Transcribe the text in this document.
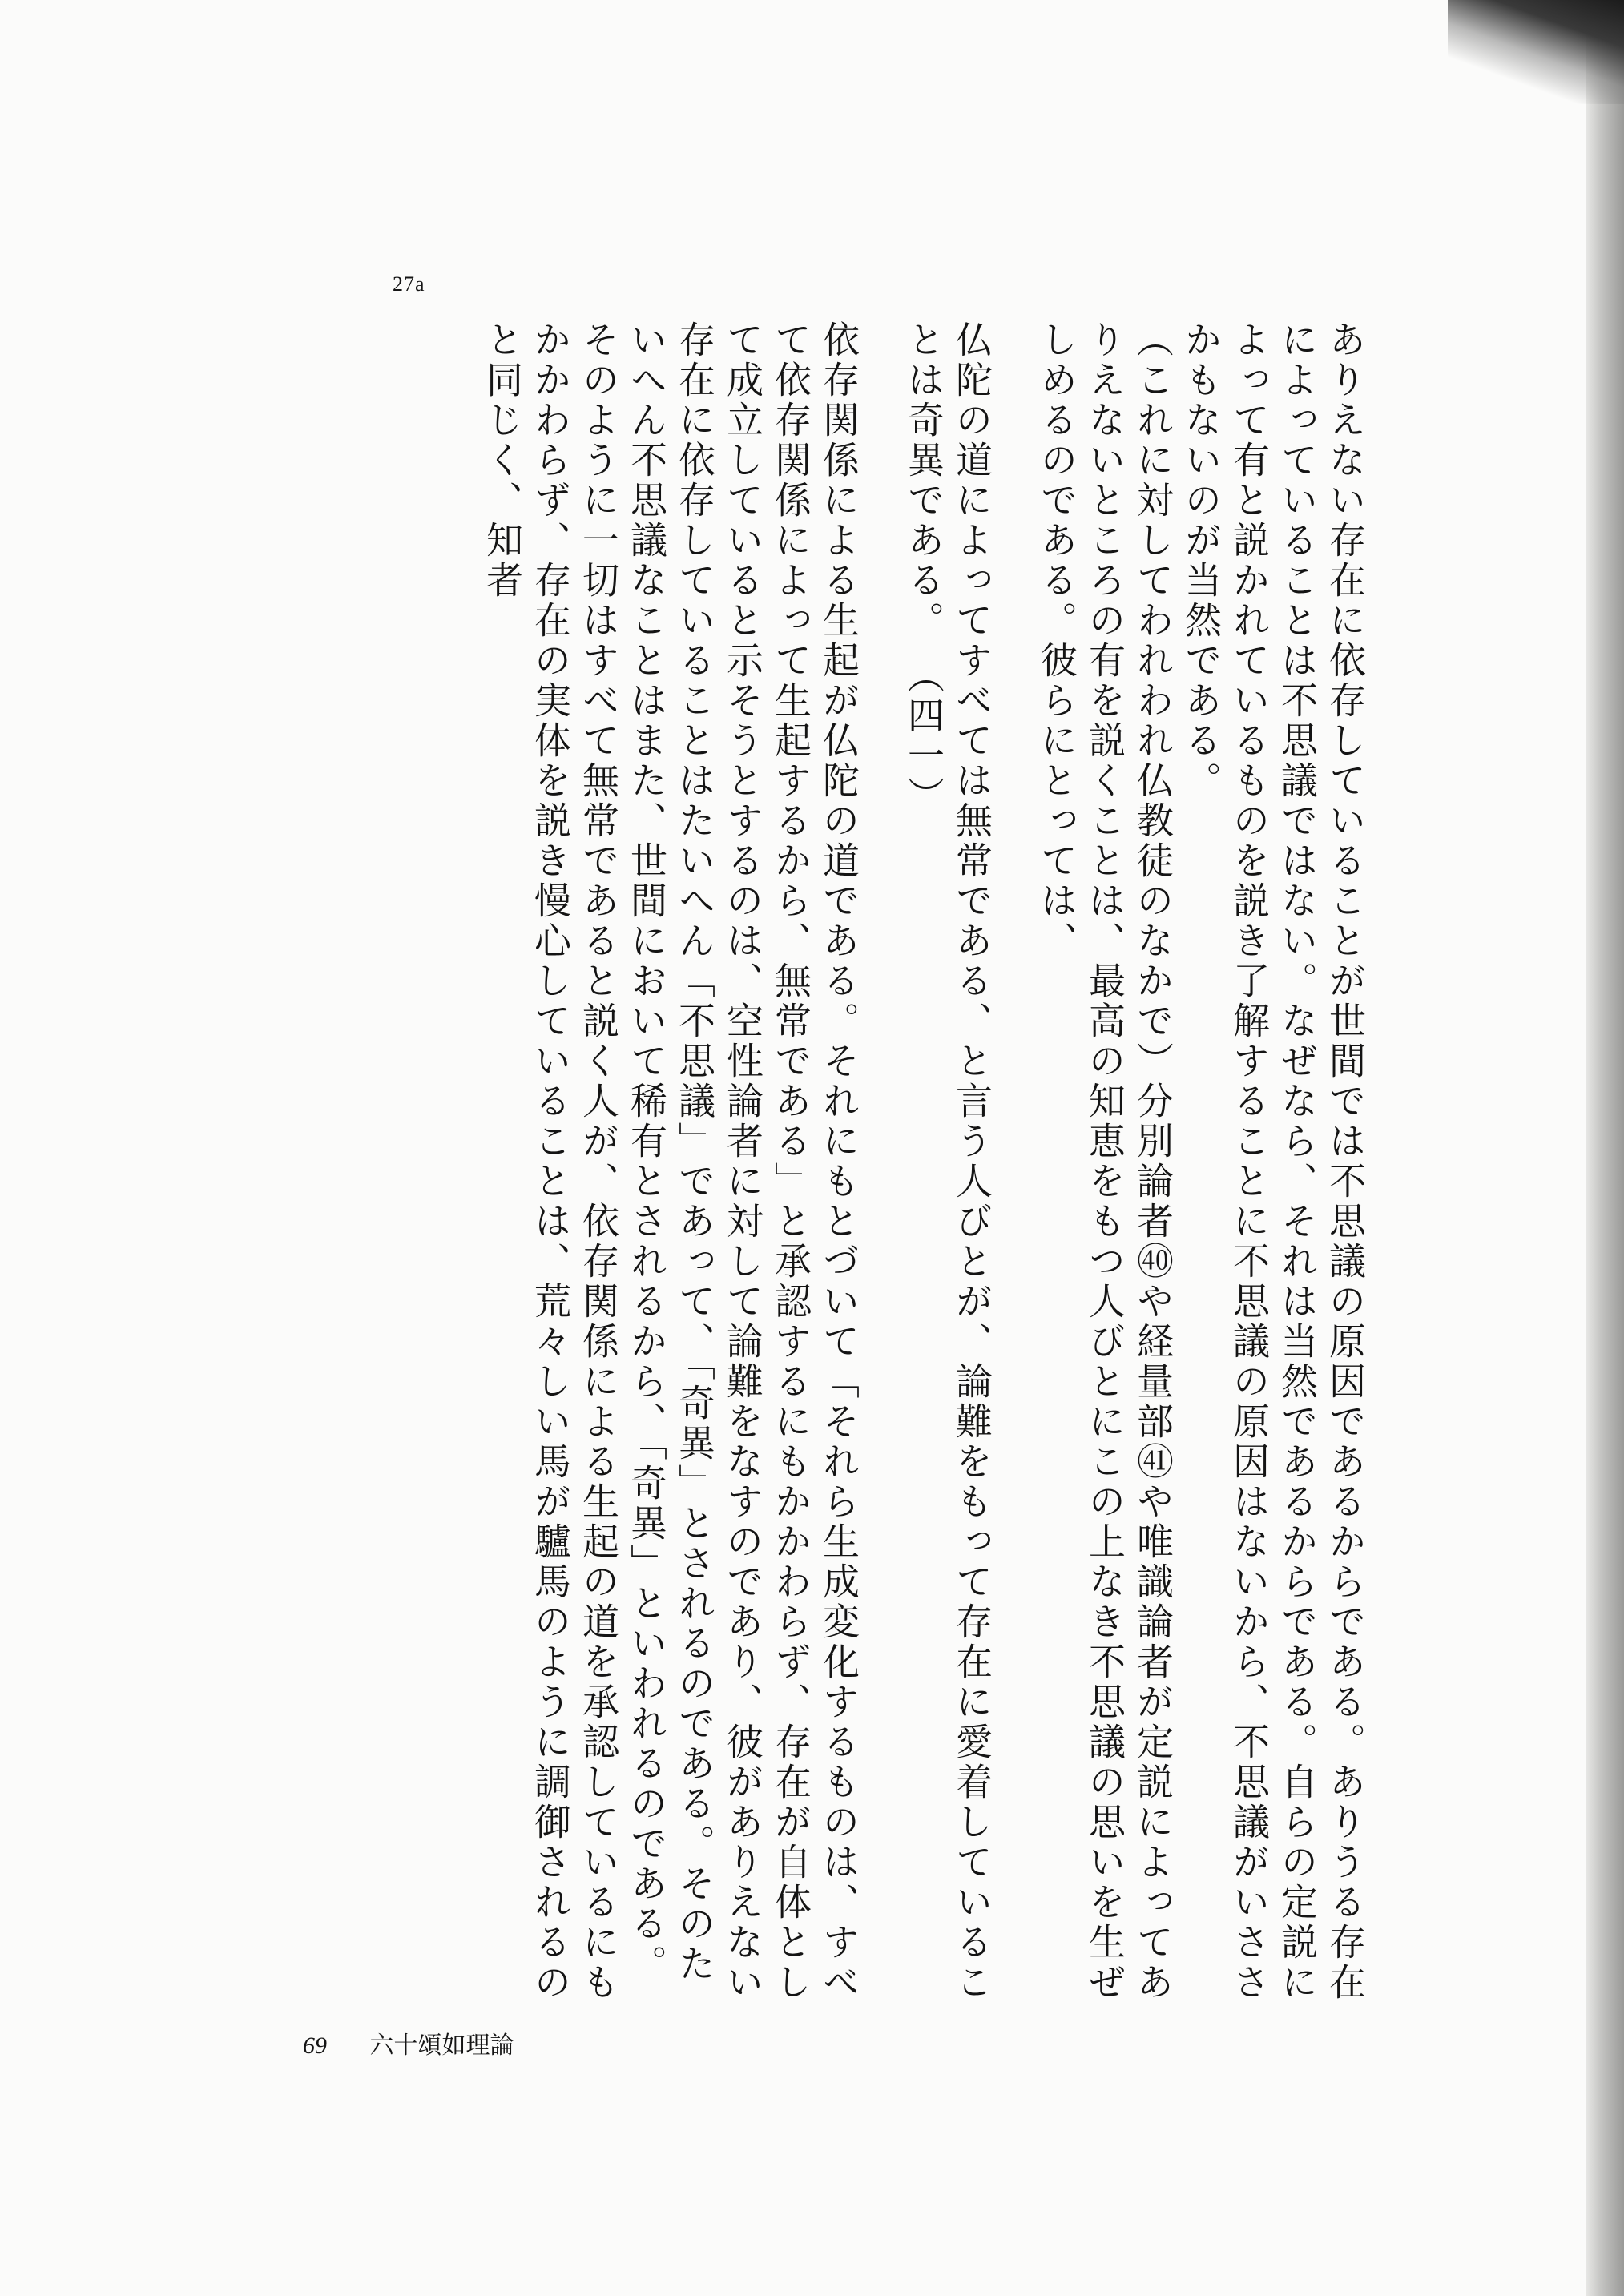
27a

ありえない存在に依存していることが世間では不思議の原因であるからである。ありうる存在によっていることは不思議ではない。なぜなら、それは当然であるからである。自らの定説によって有と説かれているものを説き了解することに不思議の原因はないから、不思議がいささかもないのが当然である。

（これに対してわれわれ仏教徒のなかで）分別論者㊵や経量部㊶や唯識論者が定説によってありえないところの有を説くことは、最高の知恵をもつ人びとにこの上なき不思議の思いを生ぜしめるのである。彼らにとっては、

仏陀の道によってすべては無常である、と言う人びとが、論難をもって存在に愛着していることは奇異である。 （四一）

依存関係による生起が仏陀の道である。それにもとづいて「それら生成変化するものは、すべて依存関係によって生起するから、無常である」と承認するにもかかわらず、存在が自体として成立していると示そうとするのは、空性論者に対して論難をなすのであり、彼がありえない存在に依存していることはたいへん「不思議」であって、「奇異」とされるのである。そのたいへん不思議なことはまた、世間において稀有とされるから、「奇異」といわれるのである。そのように一切はすべて無常であると説く人が、依存関係による生起の道を承認しているにもかかわらず、存在の実体を説き慢心していることは、荒々しい馬が驢馬のように調御されるのと同じく、知者

69 六十頌如理論
